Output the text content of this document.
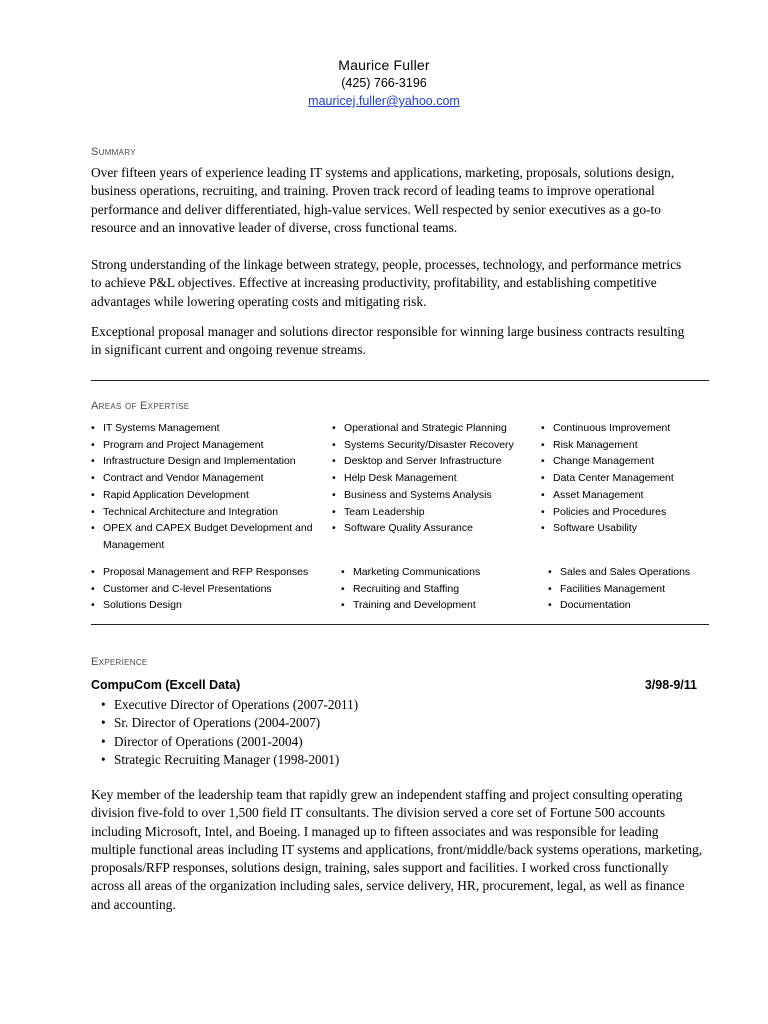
Maurice Fuller
(425) 766-3196
mauricej.fuller@yahoo.com
Summary
Over fifteen years of experience leading IT systems and applications, marketing, proposals, solutions design, business operations, recruiting, and training. Proven track record of leading teams to improve operational performance and deliver differentiated, high-value services. Well respected by senior executives as a go-to resource and an innovative leader of diverse, cross functional teams.
Strong understanding of the linkage between strategy, people, processes, technology, and performance metrics to achieve P&L objectives. Effective at increasing productivity, profitability, and establishing competitive advantages while lowering operating costs and mitigating risk.
Exceptional proposal manager and solutions director responsible for winning large business contracts resulting in significant current and ongoing revenue streams.
Areas of Expertise
• IT Systems Management
• Program and Project Management
• Infrastructure Design and Implementation
• Contract and Vendor Management
• Rapid Application Development
• Technical Architecture and Integration
• OPEX and CAPEX Budget Development and Management
• Operational and Strategic Planning
• Systems Security/Disaster Recovery
• Desktop and Server Infrastructure
• Help Desk Management
• Business and Systems Analysis
• Team Leadership
• Software Quality Assurance
• Continuous Improvement
• Risk Management
• Change Management
• Data Center Management
• Asset Management
• Policies and Procedures
• Software Usability
• Proposal Management and RFP Responses
• Customer and C-level Presentations
• Solutions Design
• Marketing Communications
• Recruiting and Staffing
• Training and Development
• Sales and Sales Operations
• Facilities Management
• Documentation
Experience
CompuCom (Excell Data)	3/98-9/11
• Executive Director of Operations (2007-2011)
• Sr. Director of Operations (2004-2007)
• Director of Operations (2001-2004)
• Strategic Recruiting Manager (1998-2001)
Key member of the leadership team that rapidly grew an independent staffing and project consulting operating division five-fold to over 1,500 field IT consultants. The division served a core set of Fortune 500 accounts including Microsoft, Intel, and Boeing. I managed up to fifteen associates and was responsible for leading multiple functional areas including IT systems and applications, front/middle/back systems operations, marketing, proposals/RFP responses, solutions design, training, sales support and facilities. I worked cross functionally across all areas of the organization including sales, service delivery, HR, procurement, legal, as well as finance and accounting.
